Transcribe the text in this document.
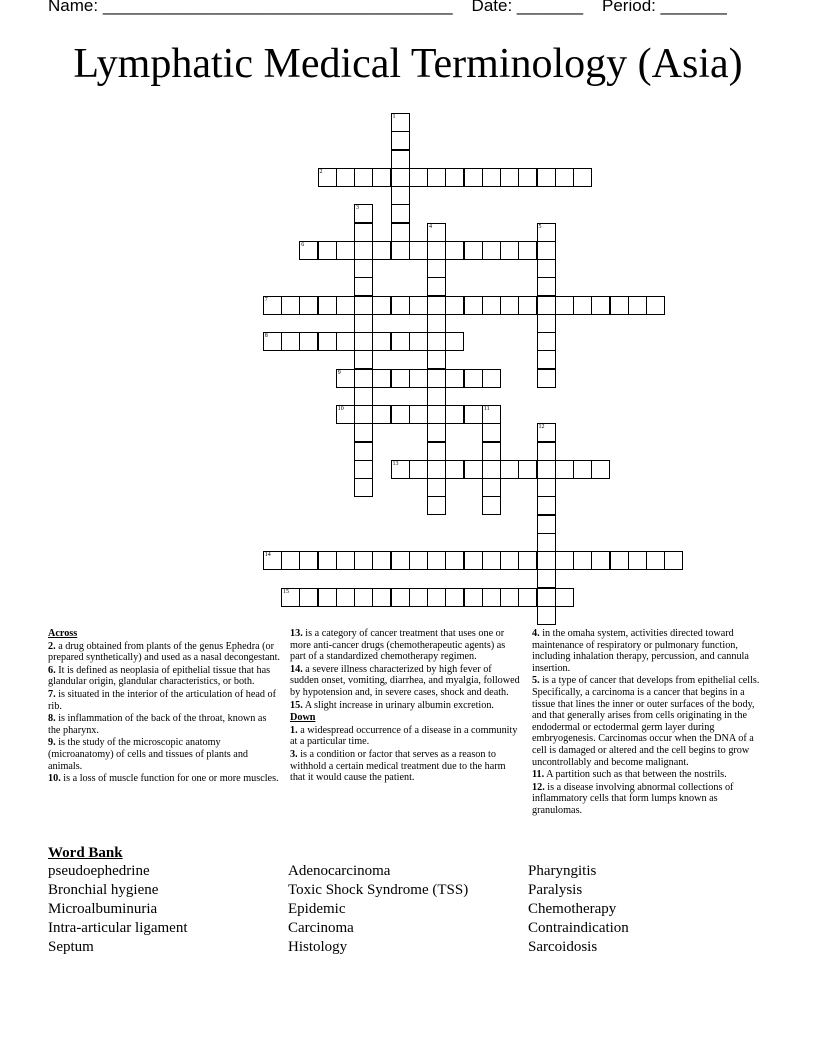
Name: _____________________________________ Date: _______ Period: _______
Lymphatic Medical Terminology (Asia)
2
6
7
8
9
10	11
13
14
15
1
3
4	5
12

Across

2. a drug obtained from plants of the genus Ephedra (or prepared synthetically) and used as a nasal decongestant.

6. It is defined as neoplasia of epithelial tissue that has glandular origin, glandular characteristics, or both.

7. is situated in the interior of the articulation of head of rib.

8. is inflammation of the back of the throat, known as the pharynx.

9. is the study of the microscopic anatomy (microanatomy) of cells and tissues of plants and animals.

10. is a loss of muscle function for one or more muscles.

13. is a category of cancer treatment that uses one or more anti-cancer drugs (chemotherapeutic agents) as part of a standardized chemotherapy regimen.

14. a severe illness characterized by high fever of sudden onset, vomiting, diarrhea, and myalgia, followed by hypotension and, in severe cases, shock and death.

15. A slight increase in urinary albumin excretion.

Down

1. a widespread occurrence of a disease in a community at a particular time.

3. is a condition or factor that serves as a reason to withhold a certain medical treatment due to the harm that it would cause the patient.

4. in the omaha system, activities directed toward maintenance of respiratory or pulmonary function, including inhalation therapy, percussion, and cannula insertion.

5. is a type of cancer that develops from epithelial cells. Specifically, a carcinoma is a cancer that begins in a tissue that lines the inner or outer surfaces of the body, and that generally arises from cells originating in the endodermal or ectodermal germ layer during embryogenesis. Carcinomas occur when the DNA of a cell is damaged or altered and the cell begins to grow uncontrollably and become malignant.

11. A partition such as that between the nostrils.

12. is a disease involving abnormal collections of inflammatory cells that form lumps known as granulomas.

Word Bank
pseudoephedrine
Bronchial hygiene
Microalbuminuria
Intra-articular ligament
Septum
Adenocarcinoma
Toxic Shock Syndrome (TSS)
Epidemic
Carcinoma
Histology
Pharyngitis
Paralysis
Chemotherapy
Contraindication
Sarcoidosis
